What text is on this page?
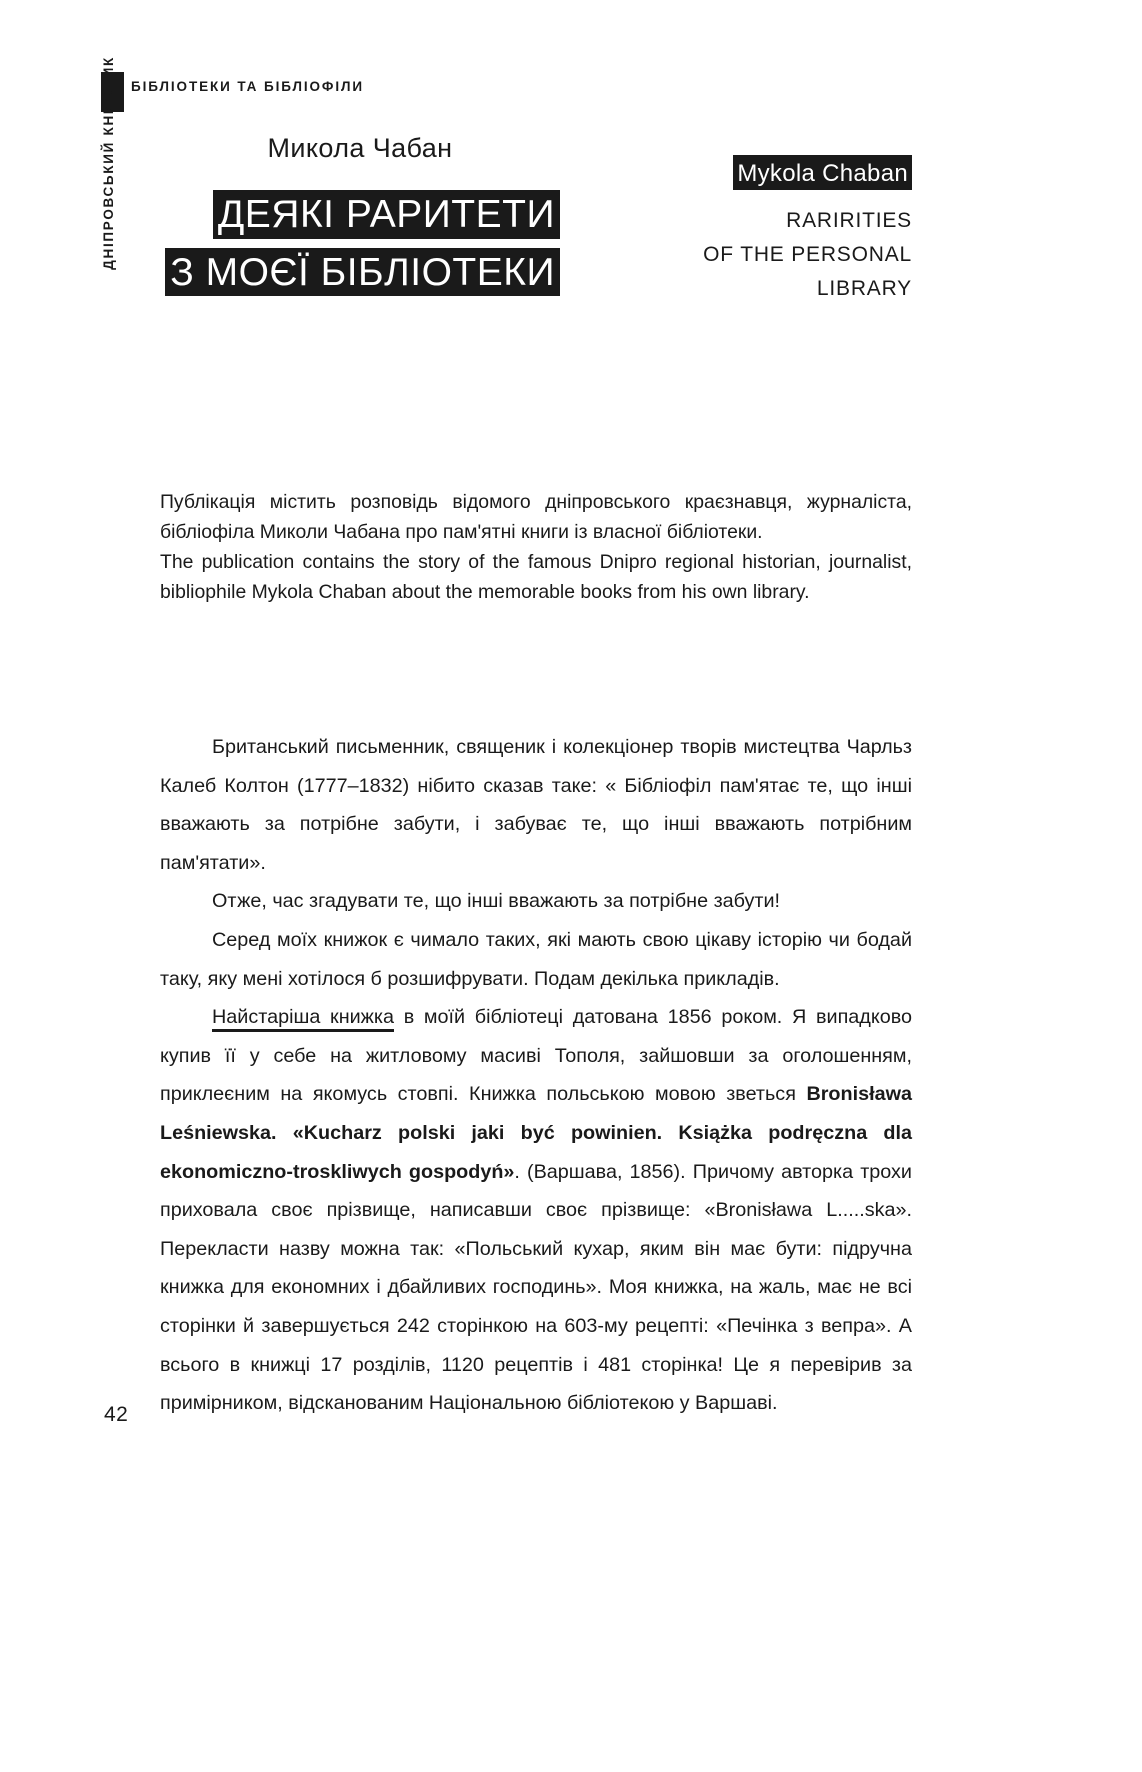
ДНІПРОВСЬКИЙ КНИЖНИК	БІБЛІОТЕКИ ТА БІБЛІОФІЛИ
Микола Чабан
ДЕЯКІ РАРИТЕТИ
З МОЄЇ БІБЛІОТЕКИ
Mykola Chaban
RARIRITIES
OF THE PERSONAL
LIBRARY

Публікація містить розповідь відомого дніпровського краєзнавця, журналіста, бібліофіла Миколи Чабана про пам'ятні книги із власної бібліотеки.

The publication contains the story of the famous Dnipro regional historian, journalist, bibliophile Mykola Chaban about the memorable books from his own library.

Британський письменник, священик і колекціонер творів мистецтва Чарльз Калеб Колтон (1777–1832) нібито сказав таке: « Бібліофіл пам'ятає те, що інші вважають за потрібне забути, і забуває те, що інші вважають потрібним пам'ятати».

Отже, час згадувати те, що інші вважають за потрібне забути!

Серед моїх книжок є чимало таких, які мають свою цікаву історію чи бодай таку, яку мені хотілося б розшифрувати. Подам декілька прикладів.

Найстаріша книжка в моїй бібліотеці датована 1856 роком. Я випадково купив її у себе на житловому масиві Тополя, зайшовши за оголошенням, приклеєним на якомусь стовпі. Книжка польською мовою зветься Bronisława Leśniewska. «Kucharz polski jaki być powinien. Książka podręczna dla ekonomiczno-troskliwych gospodyń». (Варшава, 1856). Причому авторка трохи приховала своє прізвище, написавши своє прізвище: «Bronisława L.....ska». Перекласти назву можна так: «Польський кухар, яким він має бути: підручна книжка для економних і дбайливих господинь». Моя книжка, на жаль, має не всі сторінки й завершується 242 сторінкою на 603-му рецепті: «Печінка з вепра». А всього в книжці 17 розділів, 1120 рецептів і 481 сторінка! Це я перевірив за примірником, відсканованим Національною бібліотекою у Варшаві.

42
